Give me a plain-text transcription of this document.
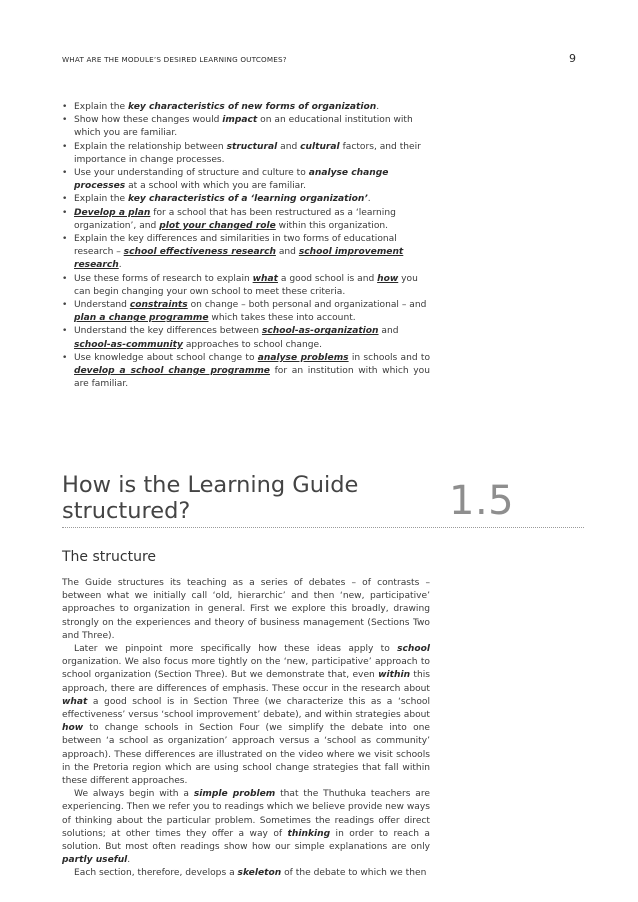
WHAT ARE THE MODULE’S DESIRED LEARNING OUTCOMES?	9
• Explain the key characteristics of new forms of organization.
• Show how these changes would impact on an educational institution with which you are familiar.
• Explain the relationship between structural and cultural factors, and their importance in change processes.
• Use your understanding of structure and culture to analyse change processes at a school with which you are familiar.
• Explain the key characteristics of a ‘learning organization’.
• Develop a plan for a school that has been restructured as a ‘learning organization’, and plot your changed role within this organization.
• Explain the key differences and similarities in two forms of educational research – school effectiveness research and school improvement research.
• Use these forms of research to explain what a good school is and how you can begin changing your own school to meet these criteria.
• Understand constraints on change – both personal and organizational – and plan a change programme which takes these into account.
• Understand the key differences between school-as-organization and school-as-community approaches to school change.
• Use knowledge about school change to analyse problems in schools and to develop a school change programme for an institution with which you are familiar.
How is the Learning Guide structured?	1.5
The structure

The Guide structures its teaching as a series of debates – of contrasts – between what we initially call ‘old, hierarchic’ and then ‘new, participative’ approaches to organization in general. First we explore this broadly, drawing strongly on the experiences and theory of business management (Sections Two and Three).

Later we pinpoint more specifically how these ideas apply to school organization. We also focus more tightly on the ‘new, participative’ approach to school organization (Section Three). But we demonstrate that, even within this approach, there are differences of emphasis. These occur in the research about what a good school is in Section Three (we characterize this as a ‘school effectiveness’ versus ‘school improvement’ debate), and within strategies about how to change schools in Section Four (we simplify the debate into one between ‘a school as organization’ approach versus a ‘school as community’ approach). These differences are illustrated on the video where we visit schools in the Pretoria region which are using school change strategies that fall within these different approaches.

We always begin with a simple problem that the Thuthuka teachers are experiencing. Then we refer you to readings which we believe provide new ways of thinking about the particular problem. Sometimes the readings offer direct solutions; at other times they offer a way of thinking in order to reach a solution. But most often readings show how our simple explanations are only partly useful.

Each section, therefore, develops a skeleton of the debate to which we then
